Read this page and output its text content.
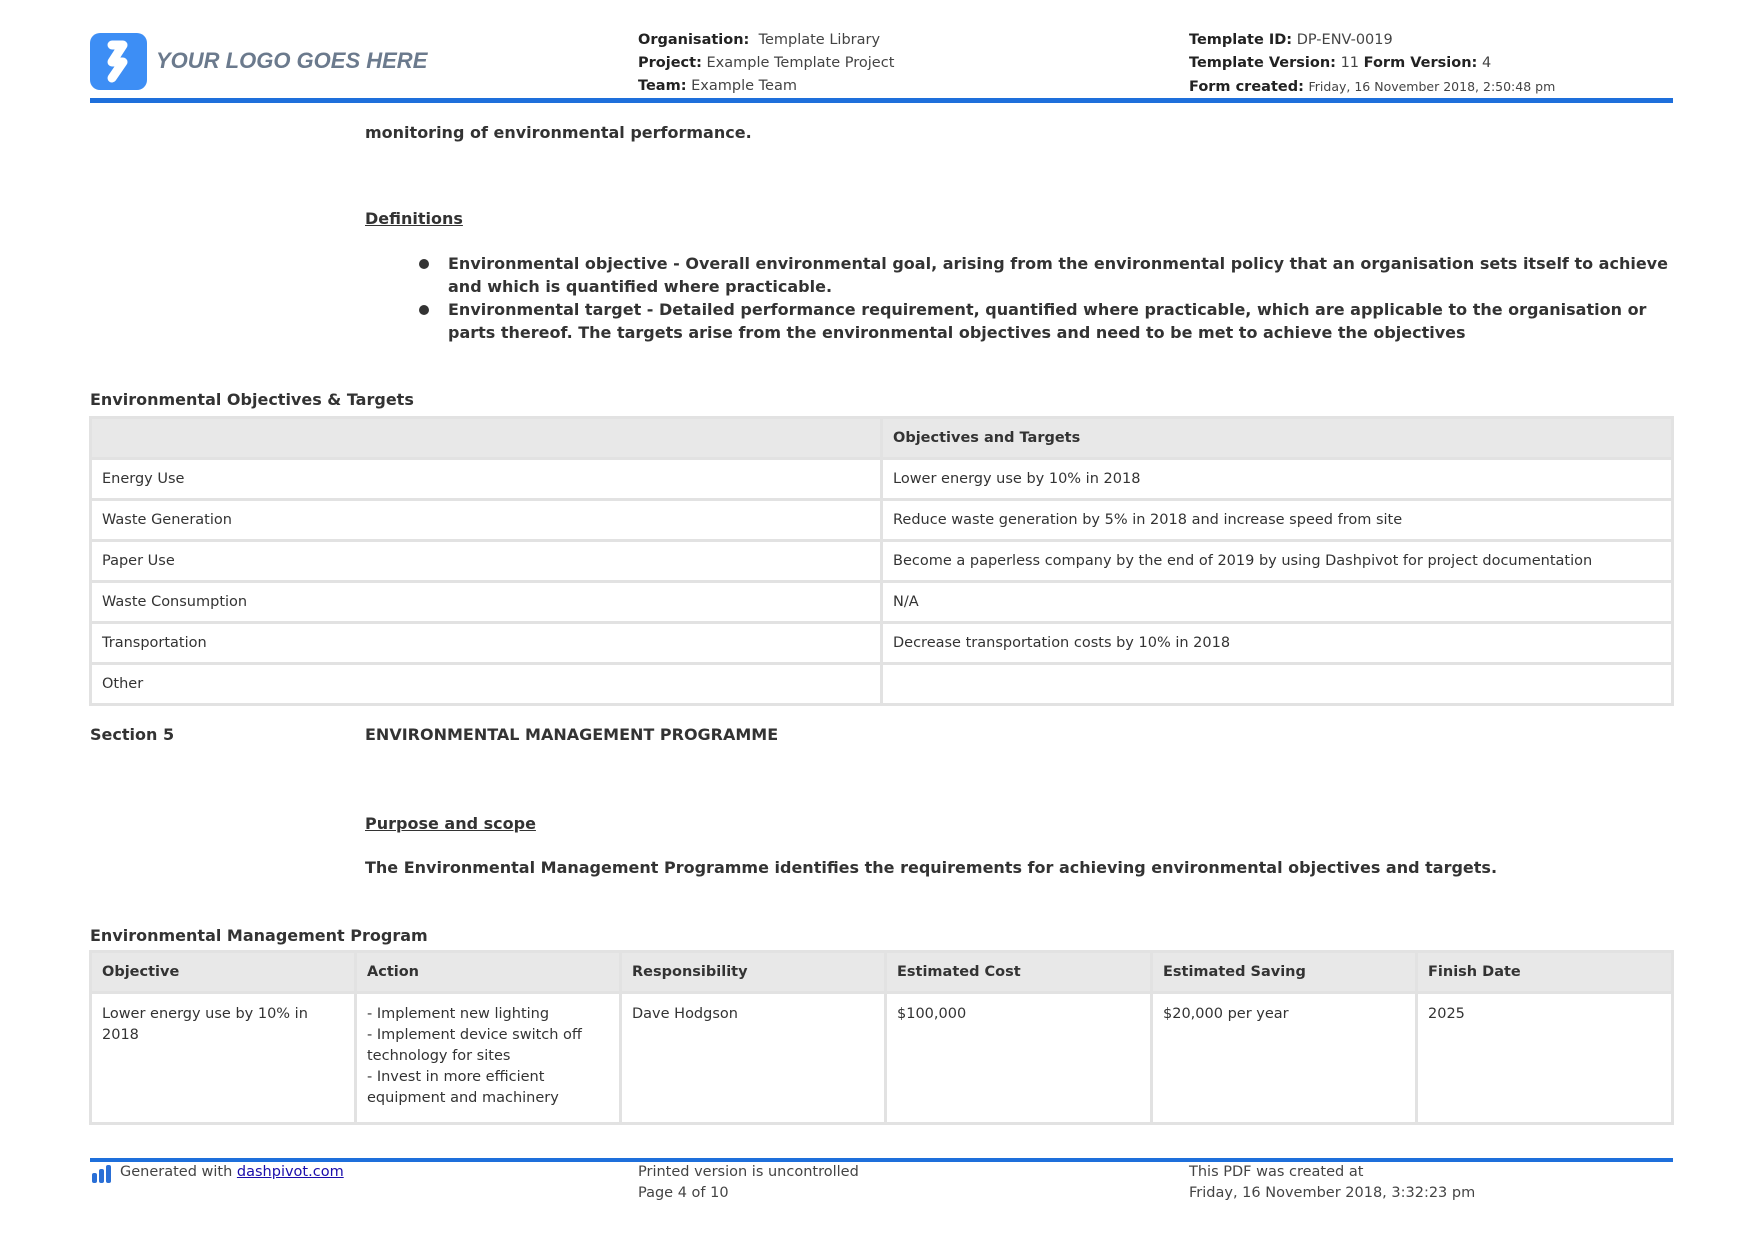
YOUR LOGO GOES HERE
Organisation: Template Library
Project: Example Template Project
Team: Example Team
Template ID: DP-ENV-0019
Template Version: 11 Form Version: 4
Form created: Friday, 16 November 2018, 2:50:48 pm
monitoring of environmental performance.
Definitions
Environmental objective - Overall environmental goal, arising from the environmental policy that an organisation sets itself to achieve and which is quantified where practicable.
Environmental target - Detailed performance requirement, quantified where practicable, which are applicable to the organisation or parts thereof. The targets arise from the environmental objectives and need to be met to achieve the objectives
Environmental Objectives & Targets
	Objectives and Targets
Energy Use	Lower energy use by 10% in 2018
Waste Generation	Reduce waste generation by 5% in 2018 and increase speed from site
Paper Use	Become a paperless company by the end of 2019 by using Dashpivot for project documentation
Waste Consumption	N/A
Transportation	Decrease transportation costs by 10% in 2018
Other	
Section 5	ENVIRONMENTAL MANAGEMENT PROGRAMME
Purpose and scope
The Environmental Management Programme identifies the requirements for achieving environmental objectives and targets.
Environmental Management Program
Objective	Action	Responsibility	Estimated Cost	Estimated Saving	Finish Date
Lower energy use by 10% in 2018	- Implement new lighting
- Implement device switch off technology for sites
- Invest in more efficient equipment and machinery	Dave Hodgson	$100,000	$20,000 per year	2025
Generated with dashpivot.com	Printed version is uncontrolled
Page 4 of 10
This PDF was created at
Friday, 16 November 2018, 3:32:23 pm
